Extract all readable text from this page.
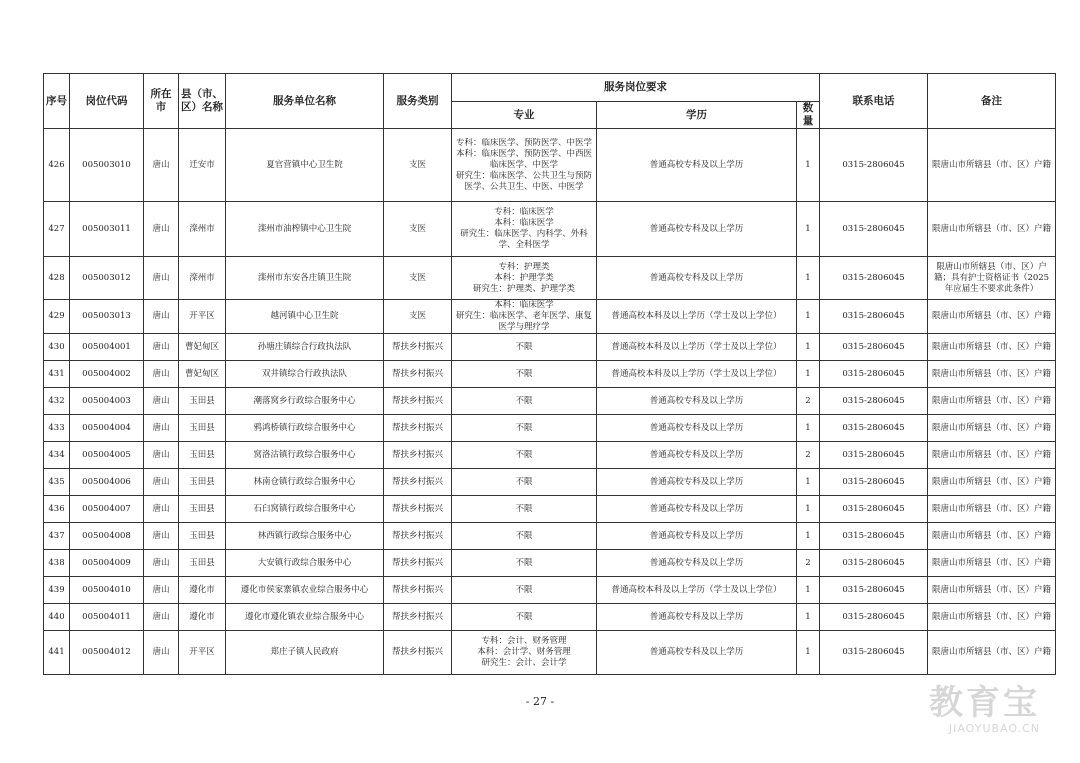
序号	岗位代码	所在市	县（市、区）名称	服务单位名称	服务类别	服务岗位要求			联系电话	备注
						专业	学历	数量		

426	005003010	唐山	迁安市	夏官营镇中心卫生院	支医	专科：临床医学、预防医学、中医学
本科：临床医学、预防医学、中西医临床医学、中医学
研究生：临床医学、公共卫生与预防医学、公共卫生、中医、中医学	普通高校专科及以上学历	1	0315-2806045	限唐山市所辖县（市、区）户籍

427	005003011	唐山	滦州市	滦州市油榨镇中心卫生院	支医	专科：临床医学
本科：临床医学
研究生：临床医学、内科学、外科学、全科医学	普通高校专科及以上学历	1	0315-2806045	限唐山市所辖县（市、区）户籍

428	005003012	唐山	滦州市	滦州市东安各庄镇卫生院	支医	专科：护理类
本科：护理学类
研究生：护理类、护理学类	普通高校专科及以上学历	1	0315-2806045	限唐山市所辖县（市、区）户籍；具有护士资格证书（2025年应届生不要求此条件）

429	005003013	唐山	开平区	越河镇中心卫生院	支医	本科：临床医学
研究生：临床医学、老年医学、康复医学与理疗学	普通高校本科及以上学历（学士及以上学位）	1	0315-2806045	限唐山市所辖县（市、区）户籍

430	005004001	唐山	曹妃甸区	孙塘庄镇综合行政执法队	帮扶乡村振兴	不限	普通高校本科及以上学历（学士及以上学位）	1	0315-2806045	限唐山市所辖县（市、区）户籍

431	005004002	唐山	曹妃甸区	双井镇综合行政执法队	帮扶乡村振兴	不限	普通高校本科及以上学历（学士及以上学位）	1	0315-2806045	限唐山市所辖县（市、区）户籍

432	005004003	唐山	玉田县	潮落窝乡行政综合服务中心	帮扶乡村振兴	不限	普通高校专科及以上学历	2	0315-2806045	限唐山市所辖县（市、区）户籍

433	005004004	唐山	玉田县	鸦鸿桥镇行政综合服务中心	帮扶乡村振兴	不限	普通高校专科及以上学历	1	0315-2806045	限唐山市所辖县（市、区）户籍

434	005004005	唐山	玉田县	窝洛沽镇行政综合服务中心	帮扶乡村振兴	不限	普通高校专科及以上学历	2	0315-2806045	限唐山市所辖县（市、区）户籍

435	005004006	唐山	玉田县	林南仓镇行政综合服务中心	帮扶乡村振兴	不限	普通高校专科及以上学历	1	0315-2806045	限唐山市所辖县（市、区）户籍

436	005004007	唐山	玉田县	石臼窝镇行政综合服务中心	帮扶乡村振兴	不限	普通高校专科及以上学历	1	0315-2806045	限唐山市所辖县（市、区）户籍

437	005004008	唐山	玉田县	林西镇行政综合服务中心	帮扶乡村振兴	不限	普通高校专科及以上学历	1	0315-2806045	限唐山市所辖县（市、区）户籍

438	005004009	唐山	玉田县	大安镇行政综合服务中心	帮扶乡村振兴	不限	普通高校专科及以上学历	2	0315-2806045	限唐山市所辖县（市、区）户籍

439	005004010	唐山	遵化市	遵化市侯家寨镇农业综合服务中心	帮扶乡村振兴	不限	普通高校本科及以上学历（学士及以上学位）	1	0315-2806045	限唐山市所辖县（市、区）户籍

440	005004011	唐山	遵化市	遵化市遵化镇农业综合服务中心	帮扶乡村振兴	不限	普通高校专科及以上学历	1	0315-2806045	限唐山市所辖县（市、区）户籍

441	005004012	唐山	开平区	郑庄子镇人民政府	帮扶乡村振兴	专科：会计、财务管理
本科：会计学、财务管理
研究生：会计、会计学	普通高校专科及以上学历	1	0315-2806045	限唐山市所辖县（市、区）户籍
- 27 -	教育宝
JIAOYUBAO.CN
